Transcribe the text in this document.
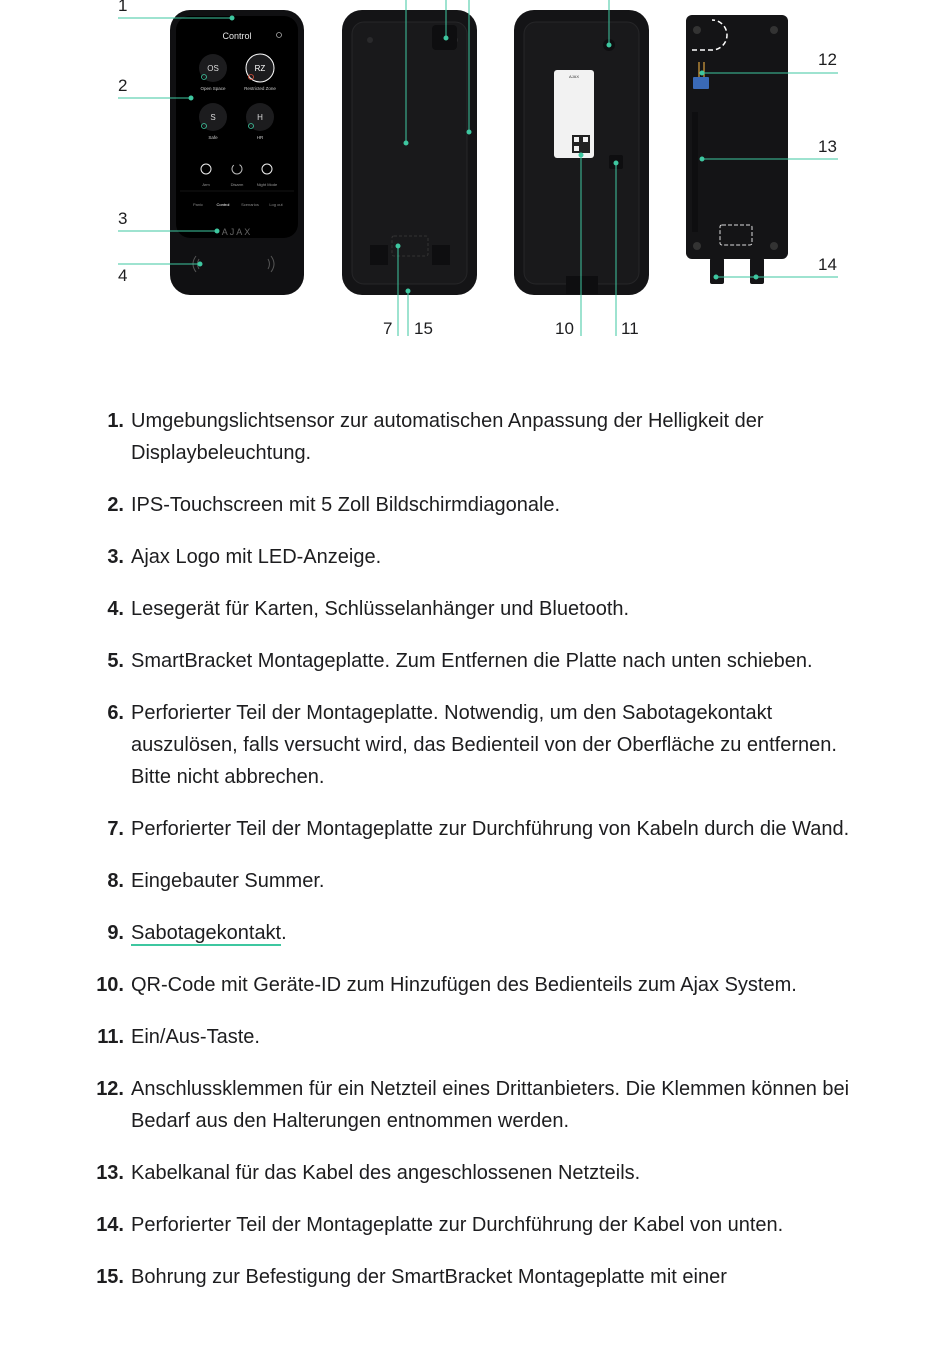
Control
OS
Open Space
RZ
Restricted Zone
S
Safe
H
HR
Arm	Disarm	Night Mode
Panic	Control	Scenarios	Log out
AJAX
AJAX
1
2
3
4
12
13
14
7 15	10	11
1. Umgebungslichtsensor zur automatischen Anpassung der Helligkeit der Displaybeleuchtung.
2. IPS-Touchscreen mit 5 Zoll Bildschirmdiagonale.
3. Ajax Logo mit LED-Anzeige.
4. Lesegerät für Karten, Schlüsselanhänger und Bluetooth.
5. SmartBracket Montageplatte. Zum Entfernen die Platte nach unten schieben.
6. Perforierter Teil der Montageplatte. Notwendig, um den Sabotagekontakt auszulösen, falls versucht wird, das Bedienteil von der Oberfläche zu entfernen. Bitte nicht abbrechen.
7. Perforierter Teil der Montageplatte zur Durchführung von Kabeln durch die Wand.
8. Eingebauter Summer.
9. Sabotagekontakt.
10. QR-Code mit Geräte-ID zum Hinzufügen des Bedienteils zum Ajax System.
11. Ein/Aus-Taste.
12. Anschlussklemmen für ein Netzteil eines Drittanbieters. Die Klemmen können bei Bedarf aus den Halterungen entnommen werden.
13. Kabelkanal für das Kabel des angeschlossenen Netzteils.
14. Perforierter Teil der Montageplatte zur Durchführung der Kabel von unten.
15. Bohrung zur Befestigung der SmartBracket Montageplatte mit einer
